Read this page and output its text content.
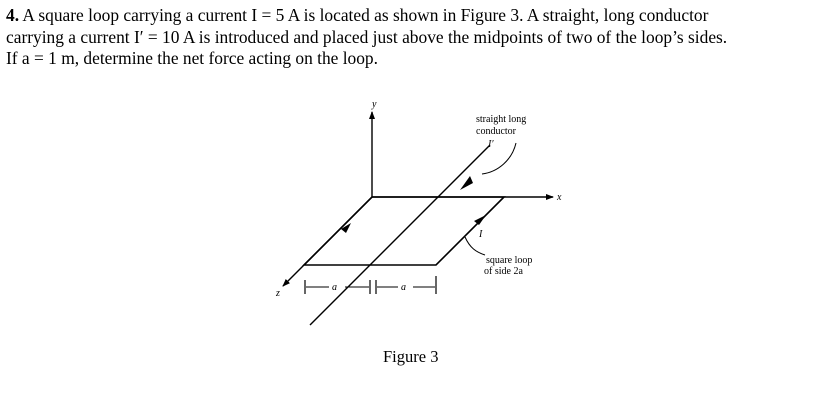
4. A square loop carrying a current I = 5 A is located as shown in Figure 3. A straight, long conductor
carrying a current I′ = 10 A is introduced and placed just above the midpoints of two of the loop’s sides.
If a = 1 m, determine the net force acting on the loop.
y
x
z
straight long
conductor
I′
I
square loop
of side 2a
a	a
Figure 3
